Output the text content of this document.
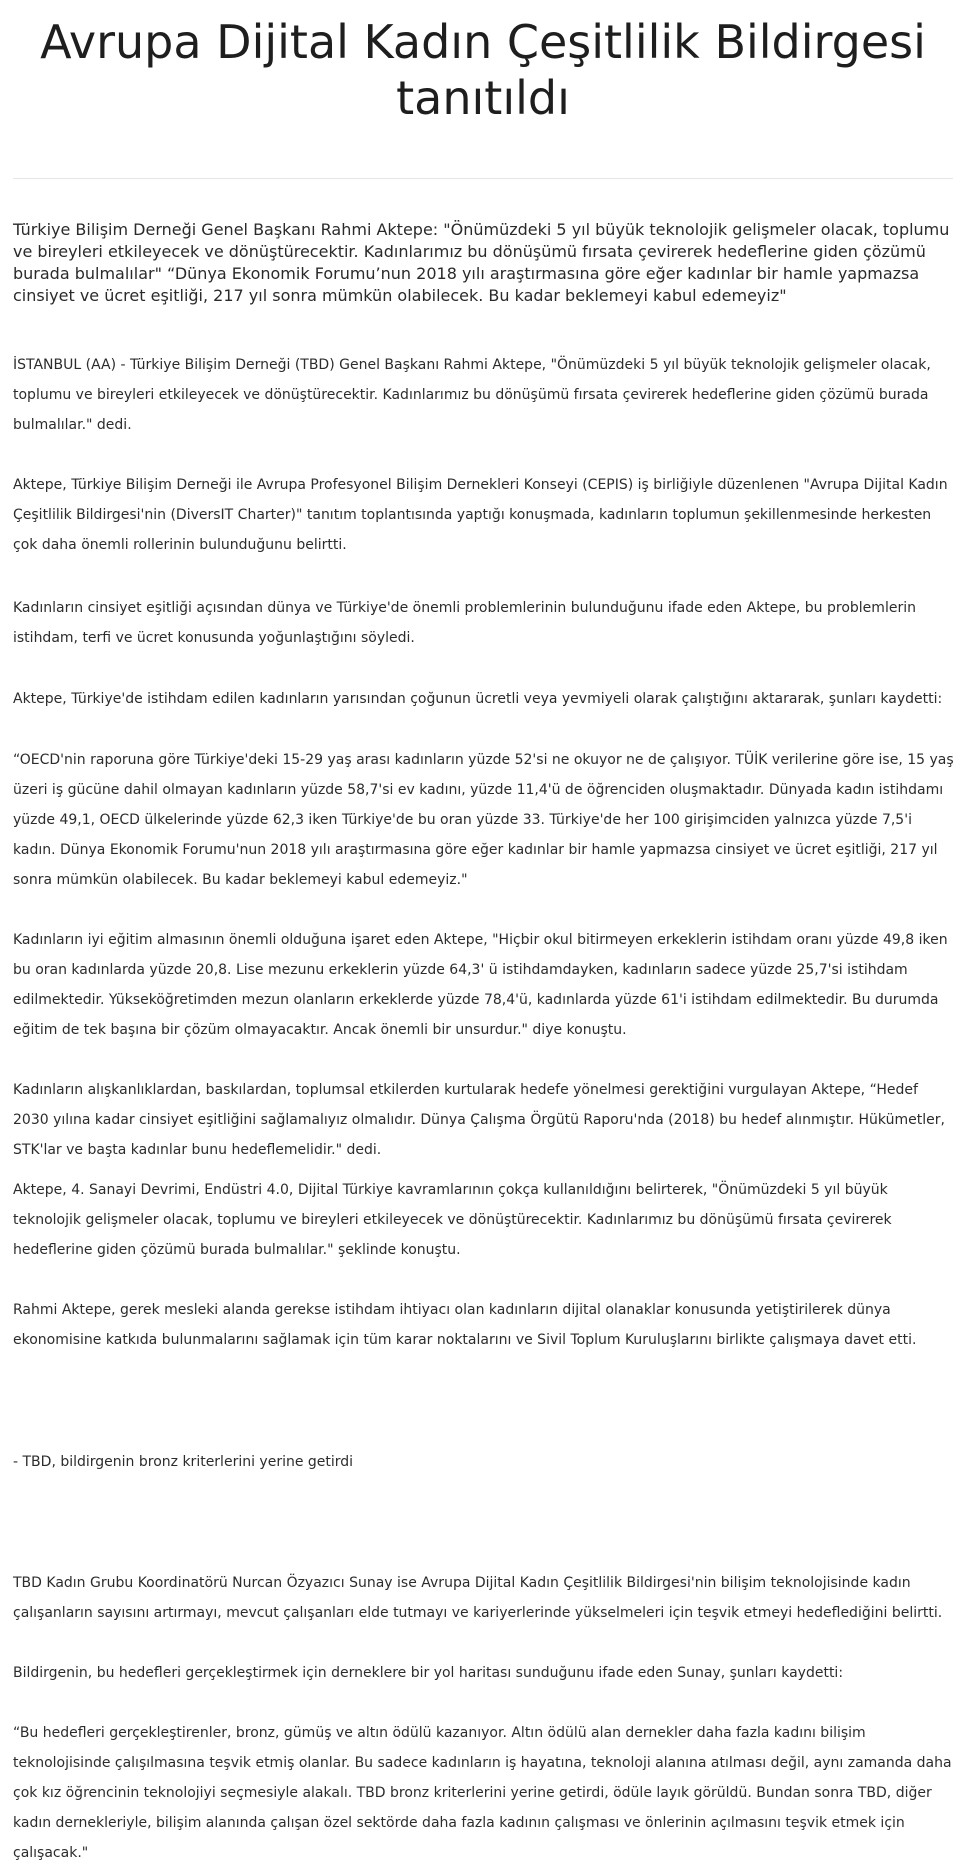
Avrupa Dijital Kadın Çeşitlilik Bildirgesi tanıtıldı

Türkiye Bilişim Derneği Genel Başkanı Rahmi Aktepe: "Önümüzdeki 5 yıl büyük teknolojik gelişmeler olacak, toplumu ve bireyleri etkileyecek ve dönüştürecektir. Kadınlarımız bu dönüşümü fırsata çevirerek hedeflerine giden çözümü burada bulmalılar" “Dünya Ekonomik Forumu’nun 2018 yılı araştırmasına göre eğer kadınlar bir hamle yapmazsa cinsiyet ve ücret eşitliği, 217 yıl sonra mümkün olabilecek. Bu kadar beklemeyi kabul edemeyiz"

İSTANBUL (AA) - Türkiye Bilişim Derneği (TBD) Genel Başkanı Rahmi Aktepe, "Önümüzdeki 5 yıl büyük teknolojik gelişmeler olacak, toplumu ve bireyleri etkileyecek ve dönüştürecektir. Kadınlarımız bu dönüşümü fırsata çevirerek hedeflerine giden çözümü burada bulmalılar." dedi.

Aktepe, Türkiye Bilişim Derneği ile Avrupa Profesyonel Bilişim Dernekleri Konseyi (CEPIS) iş birliğiyle düzenlenen "Avrupa Dijital Kadın Çeşitlilik Bildirgesi'nin (DiversIT Charter)" tanıtım toplantısında yaptığı konuşmada, kadınların toplumun şekillenmesinde herkesten çok daha önemli rollerinin bulunduğunu belirtti.

Kadınların cinsiyet eşitliği açısından dünya ve Türkiye'de önemli problemlerinin bulunduğunu ifade eden Aktepe, bu problemlerin istihdam, terfi ve ücret konusunda yoğunlaştığını söyledi.

Aktepe, Türkiye'de istihdam edilen kadınların yarısından çoğunun ücretli veya yevmiyeli olarak çalıştığını aktararak, şunları kaydetti:

“OECD'nin raporuna göre Türkiye'deki 15-29 yaş arası kadınların yüzde 52'si ne okuyor ne de çalışıyor. TÜİK verilerine göre ise, 15 yaş üzeri iş gücüne dahil olmayan kadınların yüzde 58,7'si ev kadını, yüzde 11,4'ü de öğrenciden oluşmaktadır. Dünyada kadın istihdamı yüzde 49,1, OECD ülkelerinde yüzde 62,3 iken Türkiye'de bu oran yüzde 33. Türkiye'de her 100 girişimciden yalnızca yüzde 7,5'i kadın. Dünya Ekonomik Forumu'nun 2018 yılı araştırmasına göre eğer kadınlar bir hamle yapmazsa cinsiyet ve ücret eşitliği, 217 yıl sonra mümkün olabilecek. Bu kadar beklemeyi kabul edemeyiz."

Kadınların iyi eğitim almasının önemli olduğuna işaret eden Aktepe, "Hiçbir okul bitirmeyen erkeklerin istihdam oranı yüzde 49,8 iken bu oran kadınlarda yüzde 20,8. Lise mezunu erkeklerin yüzde 64,3' ü istihdamdayken, kadınların sadece yüzde 25,7'si istihdam edilmektedir. Yükseköğretimden mezun olanların erkeklerde yüzde 78,4'ü, kadınlarda yüzde 61'i istihdam edilmektedir. Bu durumda eğitim de tek başına bir çözüm olmayacaktır. Ancak önemli bir unsurdur." diye konuştu.

Kadınların alışkanlıklardan, baskılardan, toplumsal etkilerden kurtularak hedefe yönelmesi gerektiğini vurgulayan Aktepe, “Hedef 2030 yılına kadar cinsiyet eşitliğini sağlamalıyız olmalıdır. Dünya Çalışma Örgütü Raporu'nda (2018) bu hedef alınmıştır. Hükümetler, STK'lar ve başta kadınlar bunu hedeflemelidir." dedi.

Aktepe, 4. Sanayi Devrimi, Endüstri 4.0, Dijital Türkiye kavramlarının çokça kullanıldığını belirterek, "Önümüzdeki 5 yıl büyük teknolojik gelişmeler olacak, toplumu ve bireyleri etkileyecek ve dönüştürecektir. Kadınlarımız bu dönüşümü fırsata çevirerek hedeflerine giden çözümü burada bulmalılar." şeklinde konuştu.

Rahmi Aktepe, gerek mesleki alanda gerekse istihdam ihtiyacı olan kadınların dijital olanaklar konusunda yetiştirilerek dünya ekonomisine katkıda bulunmalarını sağlamak için tüm karar noktalarını ve Sivil Toplum Kuruluşlarını birlikte çalışmaya davet etti.

- TBD, bildirgenin bronz kriterlerini yerine getirdi

TBD Kadın Grubu Koordinatörü Nurcan Özyazıcı Sunay ise Avrupa Dijital Kadın Çeşitlilik Bildirgesi'nin bilişim teknolojisinde kadın çalışanların sayısını artırmayı, mevcut çalışanları elde tutmayı ve kariyerlerinde yükselmeleri için teşvik etmeyi hedeflediğini belirtti.

Bildirgenin, bu hedefleri gerçekleştirmek için derneklere bir yol haritası sunduğunu ifade eden Sunay, şunları kaydetti:

“Bu hedefleri gerçekleştirenler, bronz, gümüş ve altın ödülü kazanıyor. Altın ödülü alan dernekler daha fazla kadını bilişim teknolojisinde çalışılmasına teşvik etmiş olanlar. Bu sadece kadınların iş hayatına, teknoloji alanına atılması değil, aynı zamanda daha çok kız öğrencinin teknolojiyi seçmesiyle alakalı. TBD bronz kriterlerini yerine getirdi, ödüle layık görüldü. Bundan sonra TBD, diğer kadın dernekleriyle, bilişim alanında çalışan özel sektörde daha fazla kadının çalışması ve önlerinin açılmasını teşvik etmek için çalışacak."
